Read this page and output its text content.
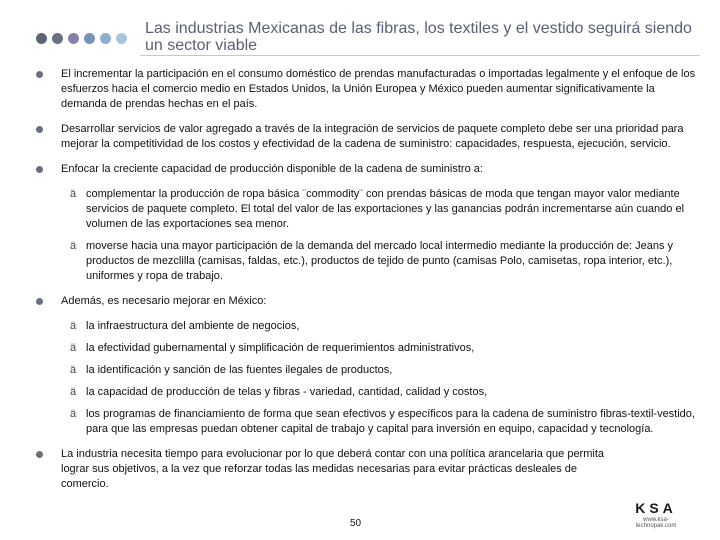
Las industrias Mexicanas de las fibras, los textiles y el vestido seguirá siendo un sector viable
El incrementar la participación en el consumo doméstico de prendas manufacturadas o importadas legalmente y el enfoque de los esfuerzos hacia el comercio medio en Estados Unidos, la Unión Europea y México pueden aumentar significativamente la demanda de prendas hechas en el país.
Desarrollar servicios de valor agregado a través de la integración de servicios de paquete completo debe ser una prioridad para mejorar la competitividad de los costos y efectividad de la cadena de suministro: capacidades, respuesta, ejecución, servicio.
Enfocar la creciente capacidad de producción disponible de la cadena de suministro a:
ä complementar la producción de ropa básica ¨commodity¨ con prendas básicas de moda que tengan mayor valor mediante servicios de paquete completo. El total del valor de las exportaciones y las ganancias podrán incrementarse aún cuando el volumen de las exportaciones sea menor.
ä moverse hacia una mayor participación de la demanda del mercado local intermedio mediante la producción de: Jeans y productos de mezclilla (camisas, faldas, etc.), productos de tejido de punto (camisas Polo, camisetas, ropa interior, etc.), uniformes y ropa de trabajo.
Además, es necesario mejorar en México:
ä la infraestructura del ambiente de negocios,
ä la efectividad gubernamental y simplificación de requerimientos administrativos,
ä la identificación y sanción de las fuentes ilegales de productos,
ä la capacidad de producción de telas y fibras - variedad, cantidad, calidad y costos,
ä los programas de financiamiento de forma que sean efectivos y específicos para la cadena de suministro fibras-textil-vestido, para que las empresas puedan obtener capital de trabajo y capital para inversión en equipo, capacidad y tecnología.
La industria necesita tiempo para evolucionar por lo que deberá contar con una política arancelaria que permita lograr sus objetivos, a la vez que reforzar todas las medidas necesarias para evitar prácticas desleales de comercio.
50
KSA
www.ksa-technopak.com
